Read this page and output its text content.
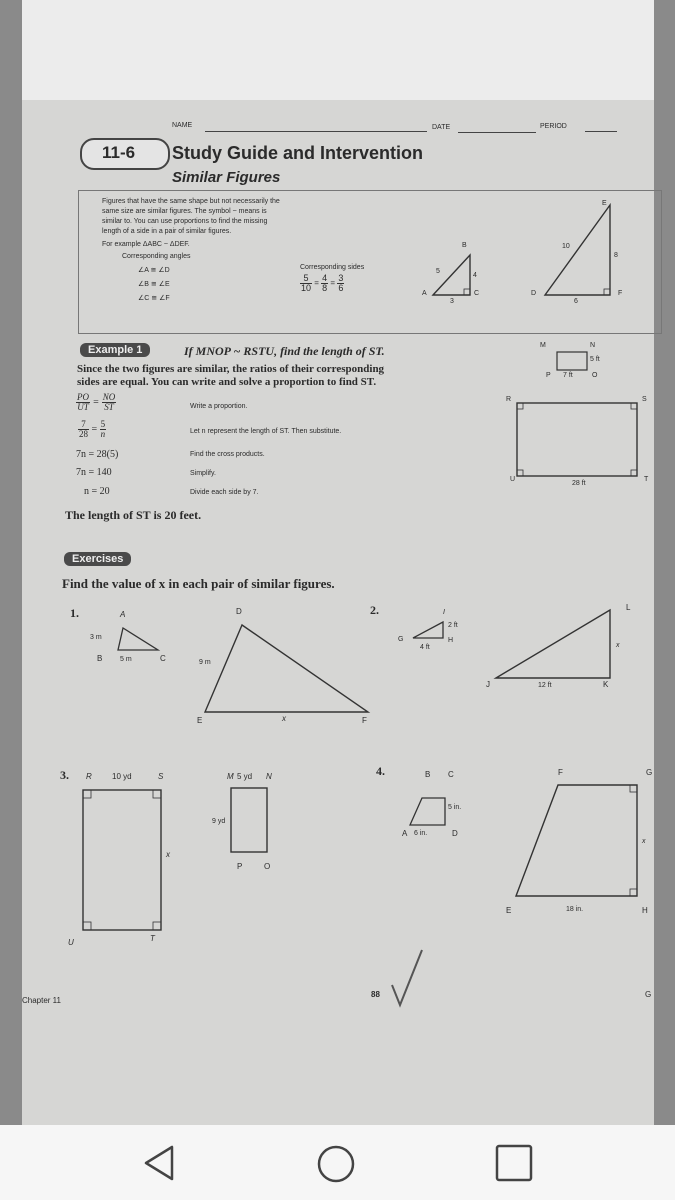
NAME	DATE	PERIOD
11-6 Study Guide and Intervention
Similar Figures
Figures that have the same shape but not necessarily the
same size are similar figures. The symbol ~ means is
similar to. You can use proportions to find the missing
length of a side in a pair of similar figures.
For example ΔABC ~ ΔDEF.
Corresponding angles
∠A ≅ ∠D
∠B ≅ ∠E
∠C ≅ ∠F
Corresponding sides
$\frac{5}{10} = \frac{4}{8} = \frac{3}{6}$
B
A	C
5
4
3
E
D	F
10
8
6
Example 1	If MNOP ~ RSTU, find the length of ST.
Since the two figures are similar, the ratios of their corresponding
sides are equal. You can write and solve a proportion to find ST.
$\frac{PO}{UT} = \frac{NO}{ST}$	Write a proportion.
$\frac{7}{28} = \frac{5}{n}$	Let n represent the length of ST. Then substitute.
7n = 28(5)	Find the cross products.
7n = 140	Simplify.
n = 20	Divide each side by 7.
The length of ST is 20 feet.
M	N
P	O
5 ft
7 ft
R	S
U	T
28 ft
Exercises
Find the value of x in each pair of similar figures.
1.	A
B	C
3 m
5 m
D
E	F
9 m
x
2.	I
G	H
2 ft
4 ft
L
J	K
12 ft
x
3. R	10 yd	S
x
U	T
M 5 yd N
9 yd
P	O
4.	B C
5 in.
A 6 in.	D
F	G
x
E	18 in.	H
Chapter 11
88	G
